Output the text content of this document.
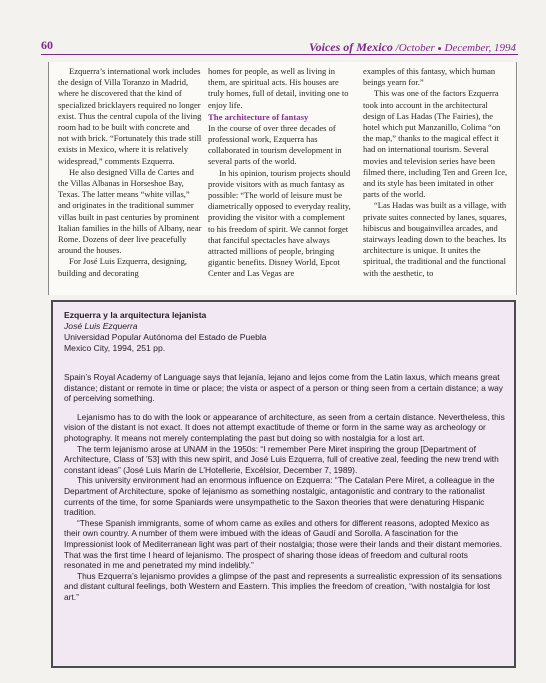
60	Voices of Mexico /October ● December, 1994

Ezquerra’s international work includes the design of Villa Toranzo in Madrid, where he discovered that the kind of specialized bricklayers required no longer exist. Thus the central cupola of the living room had to be built with concrete and not with brick. “Fortunately this trade still exists in Mexico, where it is relatively widespread,” comments Ezquerra.

He also designed Villa de Cartes and the Villas Albanas in Horseshoe Bay, Texas. The latter means “white villas,” and originates in the traditional summer villas built in past centuries by prominent Italian families in the hills of Albany, near Rome. Dozens of deer live peacefully around the houses.

For José Luis Ezquerra, designing, building and decorating

homes for people, as well as living in them, are spiritual acts. His houses are truly homes, full of detail, inviting one to enjoy life.

The architecture of fantasy

In the course of over three decades of professional work, Ezquerra has collaborated in tourism development in several parts of the world.

In his opinion, tourism projects should provide visitors with as much fantasy as possible: “The world of leisure must be diametrically opposed to everyday reality, providing the visitor with a complement to his freedom of spirit. We cannot forget that fanciful spectacles have always attracted millions of people, bringing gigantic benefits. Disney World, Epcot Center and Las Vegas are

examples of this fantasy, which human beings yearn for.”

This was one of the factors Ezquerra took into account in the architectural design of Las Hadas (The Fairies), the hotel which put Manzanillo, Colima “on the map,” thanks to the magical effect it had on international tourism. Several movies and television series have been filmed there, including Ten and Green Ice, and its style has been imitated in other parts of the world.

“Las Hadas was built as a village, with private suites connected by lanes, squares, hibiscus and bougainvillea arcades, and stairways leading down to the beaches. Its architecture is unique. It unites the spiritual, the traditional and the functional with the aesthetic, to

Ezquerra y la arquitectura lejanista

José Luis Ezquerra

Universidad Popular Autónoma del Estado de Puebla

Mexico City, 1994, 251 pp.

Spain’s Royal Academy of Language says that lejanía, lejano and lejos come from the Latin laxus, which means great distance; distant or remote in time or place; the vista or aspect of a person or thing seen from a certain distance; a way of perceiving something.

Lejanismo has to do with the look or appearance of architecture, as seen from a certain distance. Nevertheless, this vision of the distant is not exact. It does not attempt exactitude of theme or form in the same way as archeology or photography. It means not merely contemplating the past but doing so with nostalgia for a lost art.

The term lejanismo arose at UNAM in the 1950s: “I remember Pere Miret inspiring the group [Department of Architecture, Class of ’53] with this new spirit, and José Luis Ezquerra, full of creative zeal, feeding the new trend with constant ideas” (José Luis Marín de L’Hotellerie, Excélsior, December 7, 1989).

This university environment had an enormous influence on Ezquerra: “The Catalan Pere Miret, a colleague in the Department of Architecture, spoke of lejanismo as something nostalgic, antagonistic and contrary to the rationalist currents of the time, for some Spaniards were unsympathetic to the Saxon theories that were denaturing Hispanic tradition.

“These Spanish immigrants, some of whom came as exiles and others for different reasons, adopted Mexico as their own country. A number of them were imbued with the ideas of Gaudí and Sorolla. A fascination for the Impressionist look of Mediterranean light was part of their nostalgia; those were their lands and their distant memories. That was the first time I heard of lejanismo. The prospect of sharing those ideas of freedom and cultural roots resonated in me and penetrated my mind indelibly.”

Thus Ezquerra’s lejanismo provides a glimpse of the past and represents a surrealistic expression of its sensations and distant cultural feelings, both Western and Eastern. This implies the freedom of creation, “with nostalgia for lost art.”
